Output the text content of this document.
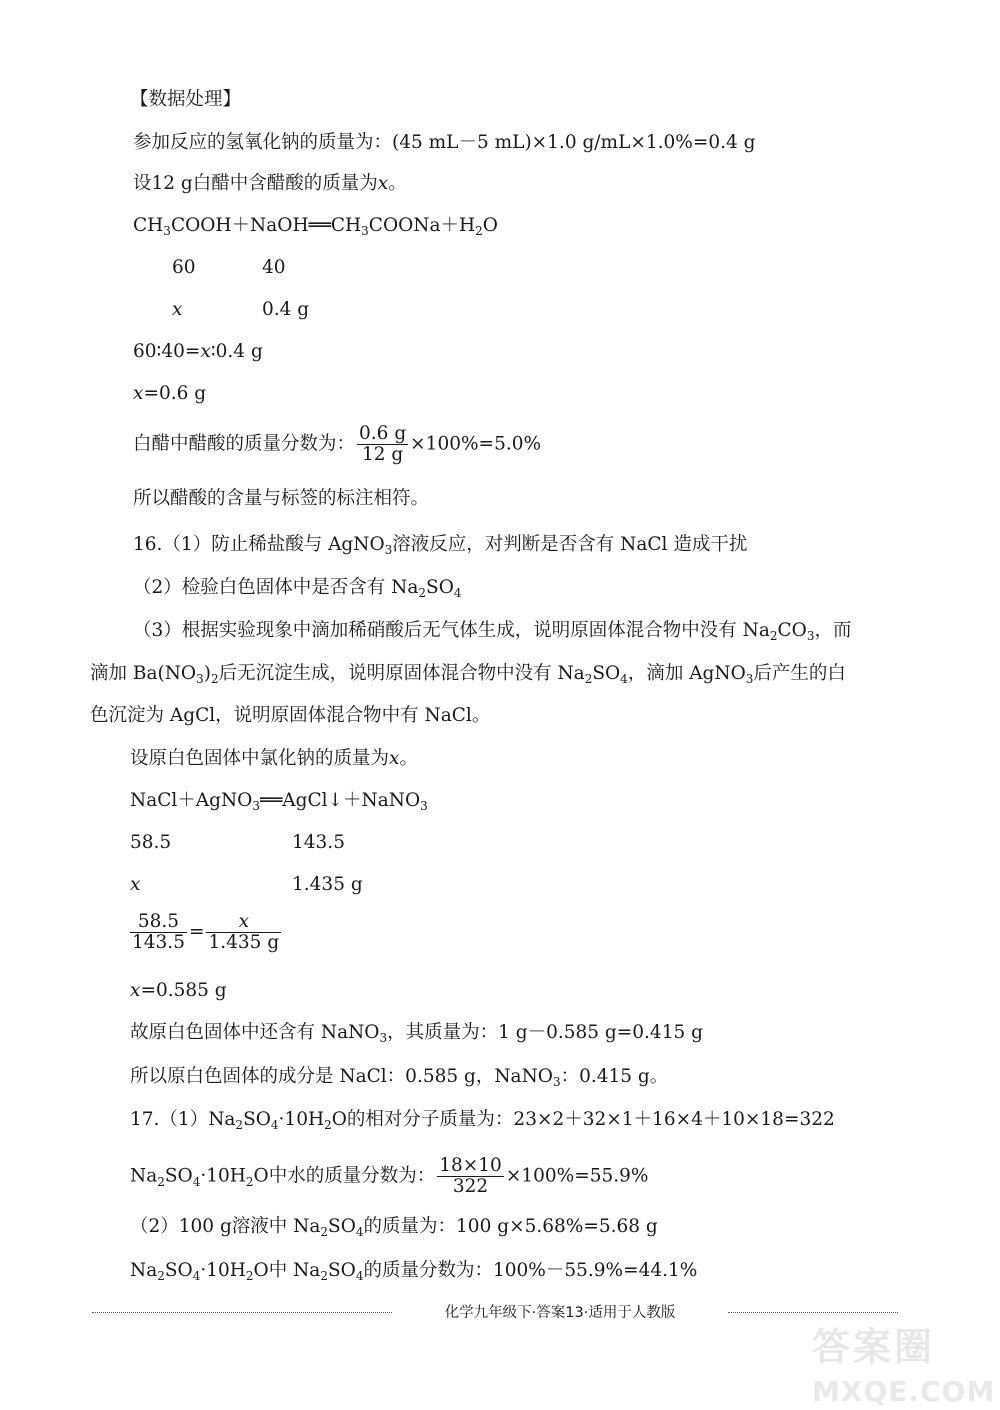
【数据处理】
参加反应的氢氧化钠的质量为：(45 mL－5 mL)×1.0 g/mL×1.0%=0.4 g
设12 g白醋中含醋酸的质量为x。
$CH_3COOH+NaOH══CH_3COONa+H_2O$
60	40
x	0.4 g
60∶40=x∶0.4 g
x=0.6 g
白醋中醋酸的质量分数为： $\frac{0.6 g}{12 g} \times 100\%=5.0\%$
所以醋酸的含量与标签的标注相符。
16.（1）防止稀盐酸与 AgNO$_3$溶液反应，对判断是否含有 NaCl 造成干扰
（2）检验白色固体中是否含有 $Na_2SO_4$
（3）根据实验现象中滴加稀硝酸后无气体生成，说明原固体混合物中没有 $Na_2CO_3$，而
滴加 $Ba(NO_3)_2$后无沉淀生成，说明原固体混合物中没有 $Na_2SO_4$，滴加 AgNO$_3$后产生的白
色沉淀为 AgCl，说明原固体混合物中有 NaCl。
设原白色固体中氯化钠的质量为x。
NaCl＋AgNO$_3$══AgCl↓＋NaNO$_3$
58.5	143.5
x	1.435 g
$\frac{58.5}{143.5} = \frac{x}{1.435 g}$
x=0.585 g
故原白色固体中还含有 NaNO$_3$，其质量为：1 g－0.585 g=0.415 g
所以原白色固体的成分是 NaCl：0.585 g，NaNO$_3$：0.415 g。
$17.(1)Na_2SO_4\cdot 10H_2O$的相对分子质量为：23×2＋32×1＋16×4＋10×18=322
$Na_2SO_4\cdot 10H_2O$中水的质量分数为： $\frac{18\times 10}{322} \times 100\%=55.9\%$
（2）100 g溶液中 $Na_2SO_4$的质量为：100 g×5.68%=5.68 g
$Na_2SO_4\cdot 10H_2O$中 $Na_2SO_4$的质量分数为：100%－55.9%=44.1%
化学九年级下·答案13·适用于人教版
答案圈
MXQE.COM
